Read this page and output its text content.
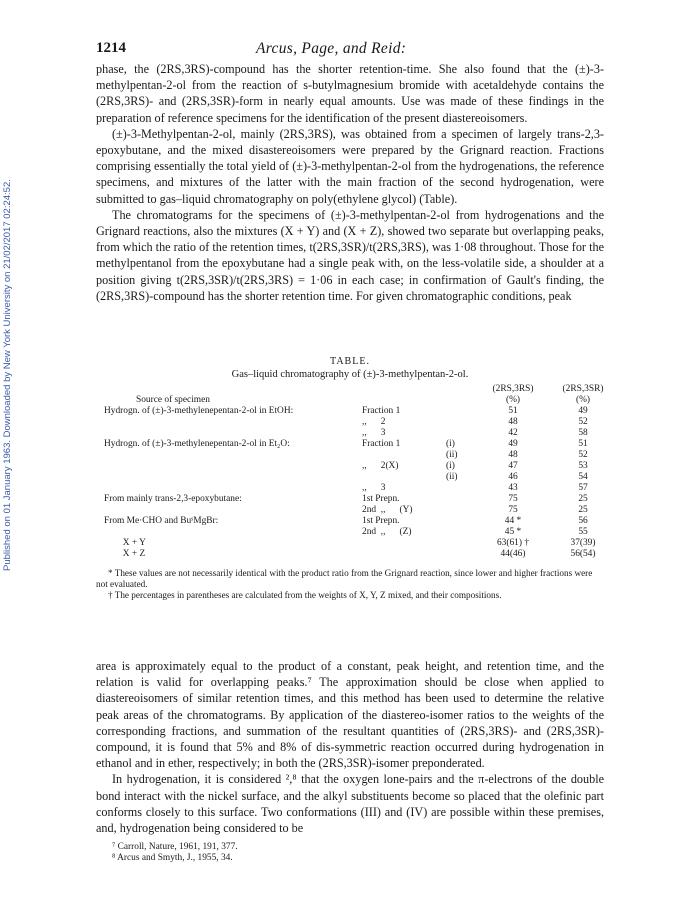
Published on 01 January 1963. Downloaded by New York University on 21/02/2017 02:24:52.
1214	Arcus, Page, and Reid:

phase, the (2RS,3RS)-compound has the shorter retention-time. She also found that the (±)-3-methylpentan-2-ol from the reaction of s-butylmagnesium bromide with acetaldehyde contains the (2RS,3RS)- and (2RS,3SR)-form in nearly equal amounts. Use was made of these findings in the preparation of reference specimens for the identification of the present diastereoisomers.

(±)-3-Methylpentan-2-ol, mainly (2RS,3RS), was obtained from a specimen of largely trans-2,3-epoxybutane, and the mixed disastereoisomers were prepared by the Grignard reaction. Fractions comprising essentially the total yield of (±)-3-methylpentan-2-ol from the hydrogenations, the reference specimens, and mixtures of the latter with the main fraction of the second hydrogenation, were submitted to gas–liquid chromatography on poly(ethylene glycol) (Table).

The chromatograms for the specimens of (±)-3-methylpentan-2-ol from hydrogenations and the Grignard reactions, also the mixtures (X + Y) and (X + Z), showed two separate but overlapping peaks, from which the ratio of the retention times, t(2RS,3SR)/t(2RS,3RS), was 1·08 throughout. Those for the methylpentanol from the epoxybutane had a single peak with, on the less-volatile side, a shoulder at a position giving t(2RS,3SR)/t(2RS,3RS) = 1·06 in each case; in confirmation of Gault's finding, the (2RS,3RS)-compound has the shorter retention time. For given chromatographic conditions, peak

TABLE.
Gas–liquid chromatography of (±)-3-methylpentan-2-ol.
(2RS,3RS)
(%)
(2RS,3SR)
(%)
Source of specimen
Hydrogn. of (±)-3-methylenepentan-2-ol in EtOH:	Fraction 1	51	49
,,      2	48	52
,,      3	42	58
Hydrogn. of (±)-3-methylenepentan-2-ol in Et₂O:	Fraction 1	(i)	49	51
(ii)	48	52
,,      2(X)	(i)	47	53
(ii)	46	54
,,      3	43	57
From mainly trans-2,3-epoxybutane:	1st Prepn.	75	25
2nd  ,,      (Y)	75	25
From Me·CHO and BuˢMgBr:	1st Prepn.	44 *	56
2nd  ,,      (Z)	45 *	55
X + Y	63(61) †	37(39)
X + Z	44(46)	56(54)

* These values are not necessarily identical with the product ratio from the Grignard reaction, since lower and higher fractions were not evaluated.

† The percentages in parentheses are calculated from the weights of X, Y, Z mixed, and their compositions.

area is approximately equal to the product of a constant, peak height, and retention time, and the relation is valid for overlapping peaks.⁷ The approximation should be close when applied to diastereoisomers of similar retention times, and this method has been used to determine the relative peak areas of the chromatograms. By application of the diastereo-isomer ratios to the weights of the corresponding fractions, and summation of the resultant quantities of (2RS,3RS)- and (2RS,3SR)-compound, it is found that 5% and 8% of dis-symmetric reaction occurred during hydrogenation in ethanol and in ether, respectively; in both the (2RS,3SR)-isomer preponderated.

In hydrogenation, it is considered ²,⁸ that the oxygen lone-pairs and the π-electrons of the double bond interact with the nickel surface, and the alkyl substituents become so placed that the olefinic part conforms closely to this surface. Two conformations (III) and (IV) are possible within these premises, and, hydrogenation being considered to be

⁷ Carroll, Nature, 1961, 191, 377.

⁸ Arcus and Smyth, J., 1955, 34.
